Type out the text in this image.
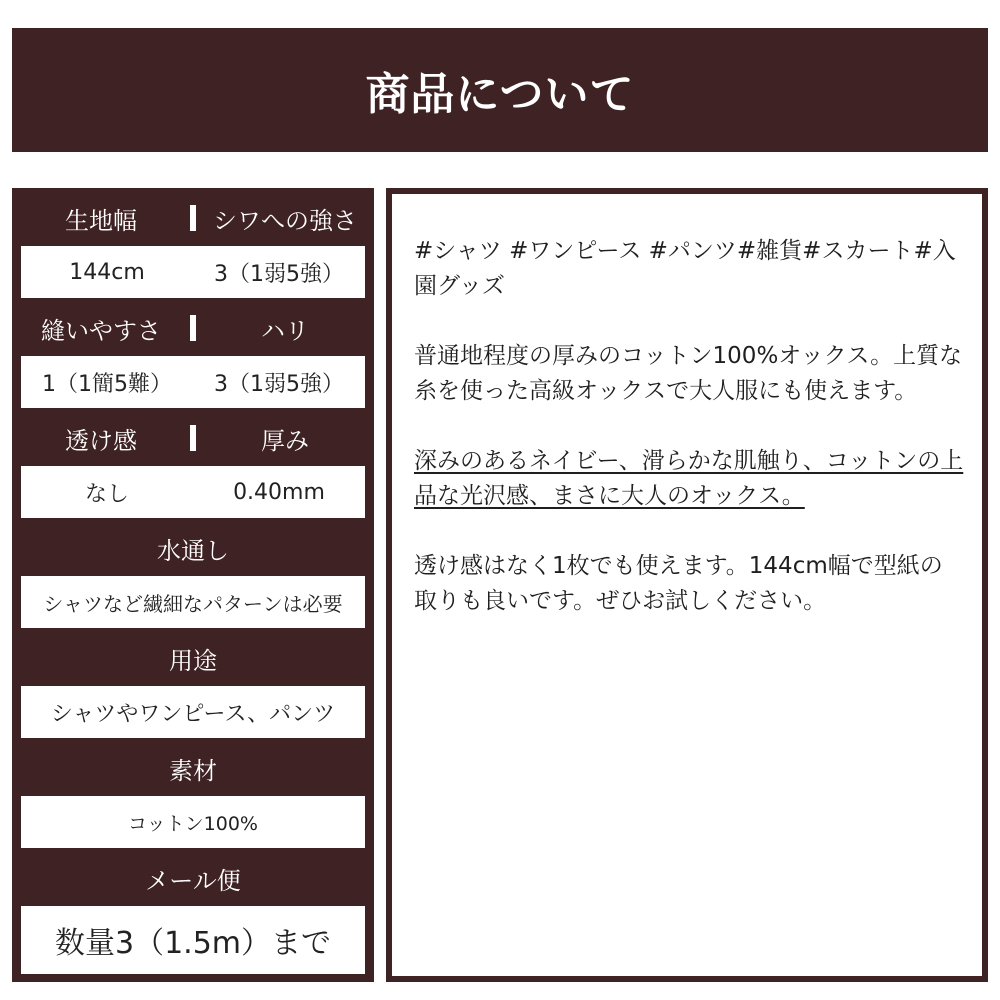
商品について
生地幅	シワへの強さ
144cm	3（1弱5強）
縫いやすさ	ハリ
1（1簡5難）	3（1弱5強）
透け感	厚み
なし	0.40mm
水通し
シャツなど繊細なパターンは必要
用途
シャツやワンピース、パンツ
素材
コットン100%
メール便
数量3（1.5m）まで

#シャツ #ワンピース #パンツ#雑貨#スカート#入園グッズ

普通地程度の厚みのコットン100%オックス。上質な糸を使った高級オックスで大人服にも使えます。

深みのあるネイビー、滑らかな肌触り、コットンの上品な光沢感、まさに大人のオックス。

透け感はなく1枚でも使えます。144cm幅で型紙の取りも良いです。ぜひお試しください。
